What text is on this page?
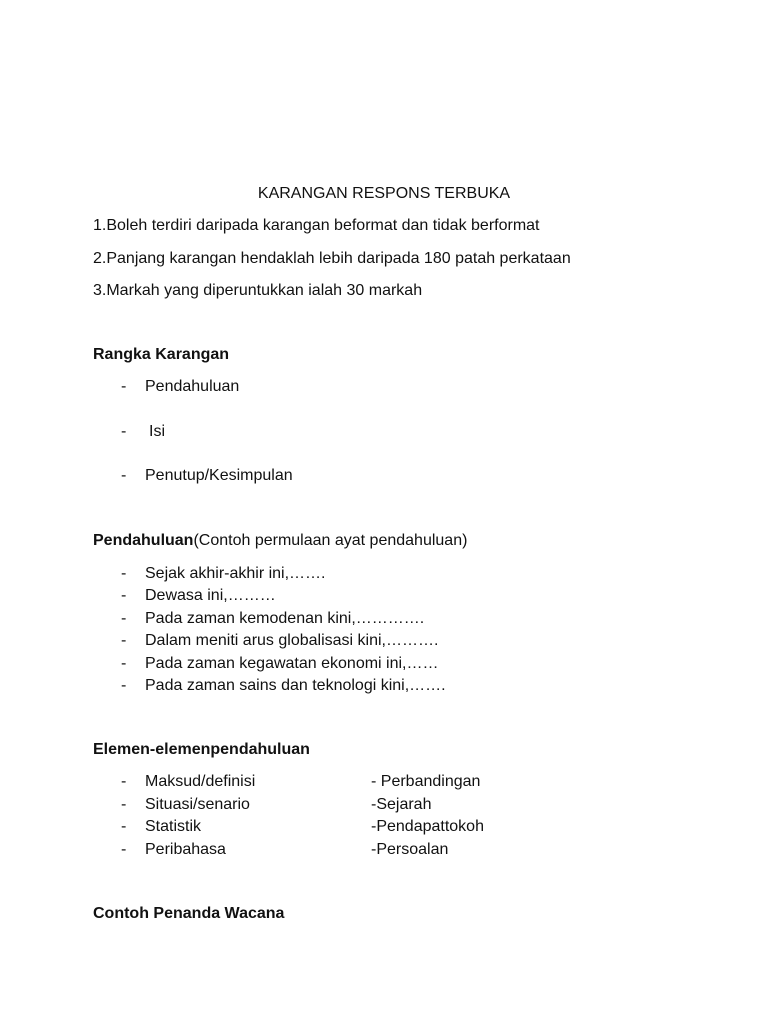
KARANGAN RESPONS TERBUKA
1.Boleh terdiri daripada karangan beformat dan tidak berformat
2.Panjang karangan hendaklah lebih daripada 180 patah perkataan
3.Markah yang diperuntukkan ialah 30 markah
Rangka Karangan
- Pendahuluan
- Isi
- Penutup/Kesimpulan
Pendahuluan(Contoh permulaan ayat pendahuluan)
- Sejak akhir-akhir ini,…….
- Dewasa ini,………
- Pada zaman kemodenan kini,………….
- Dalam meniti arus globalisasi kini,……….
- Pada zaman kegawatan ekonomi ini,……
- Pada zaman sains dan teknologi kini,…….
Elemen-elemenpendahuluan
- Maksud/definisi	- Perbandingan
- Situasi/senario	-Sejarah
- Statistik	-Pendapattokoh
- Peribahasa	-Persoalan
Contoh Penanda Wacana
